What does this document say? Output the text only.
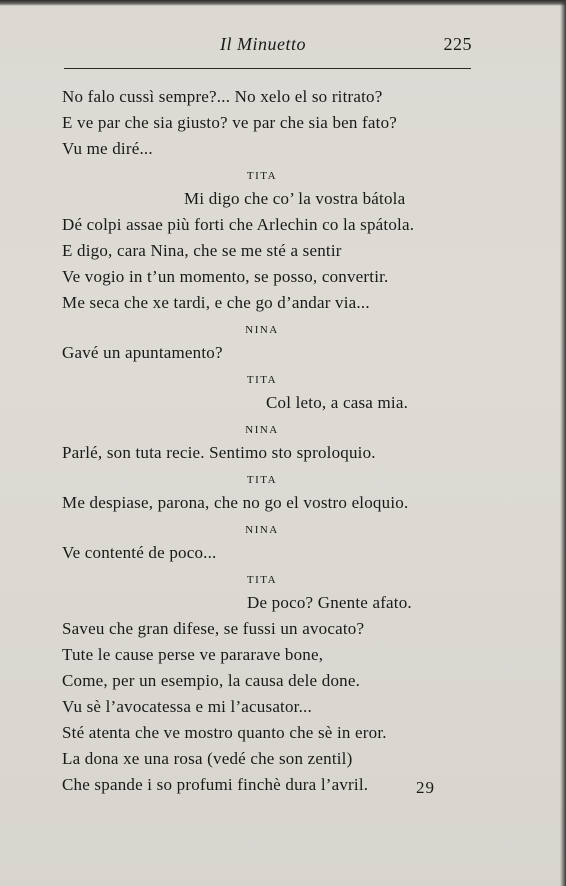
Il Minuetto	225
No falo cussì sempre?... No xelo el so ritrato?
E ve par che sia giusto? ve par che sia ben fato?
Vu me diré...
TITA
Mi digo che co’ la vostra bátola
Dé colpi assae più forti che Arlechin co la spátola.
E digo, cara Nina, che se me sté a sentir
Ve vogio in t’un momento, se posso, convertir.
Me seca che xe tardi, e che go d’andar via...
NINA
Gavé un apuntamento?
TITA
Col leto, a casa mia.
NINA
Parlé, son tuta recie. Sentimo sto sproloquio.
TITA
Me despiase, parona, che no go el vostro eloquio.
NINA
Ve contenté de poco...
TITA
De poco? Gnente afato.
Saveu che gran difese, se fussi un avocato?
Tute le cause perse ve pararave bone,
Come, per un esempio, la causa dele done.
Vu sè l’avocatessa e mi l’acusator...
Sté atenta che ve mostro quanto che sè in eror.
La dona xe una rosa (vedé che son zentil)
Che spande i so profumi finchè dura l’avril.	29
